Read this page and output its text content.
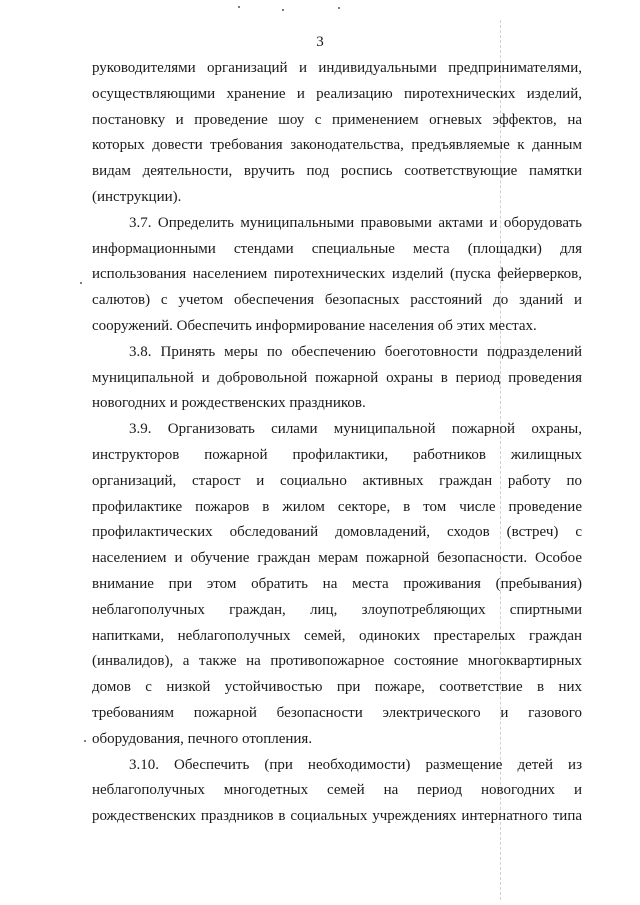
3
руководителями организаций и индивидуальными предпринимателями,
осуществляющими хранение и реализацию пиротехнических изделий,
постановку и проведение шоу с применением огневых эффектов, на
которых довести требования законодательства, предъявляемые к данным
видам деятельности, вручить под роспись соответствующие памятки
(инструкции).
3.7. Определить муниципальными правовыми актами и оборудовать
информационными стендами специальные места (площадки) для
использования населением пиротехнических изделий (пуска фейерверков,
салютов) с учетом обеспечения безопасных расстояний до зданий и
сооружений. Обеспечить информирование населения об этих местах.
3.8. Принять меры по обеспечению боеготовности подразделений
муниципальной и добровольной пожарной охраны в период проведения
новогодних и рождественских праздников.
3.9. Организовать силами муниципальной пожарной охраны,
инструкторов пожарной профилактики, работников жилищных
организаций, старост и социально активных граждан работу по
профилактике пожаров в жилом секторе, в том числе проведение
профилактических обследований домовладений, сходов (встреч) с
населением и обучение граждан мерам пожарной безопасности. Особое
внимание при этом обратить на места проживания (пребывания)
неблагополучных граждан, лиц, злоупотребляющих спиртными
напитками, неблагополучных семей, одиноких престарелых граждан
(инвалидов), а также на противопожарное состояние многоквартирных
домов с низкой устойчивостью при пожаре, соответствие в них
требованиям пожарной безопасности электрического и газового
оборудования, печного отопления.
3.10. Обеспечить (при необходимости) размещение детей из
неблагополучных многодетных семей на период новогодних и
рождественских праздников в социальных учреждениях интернатного типа
